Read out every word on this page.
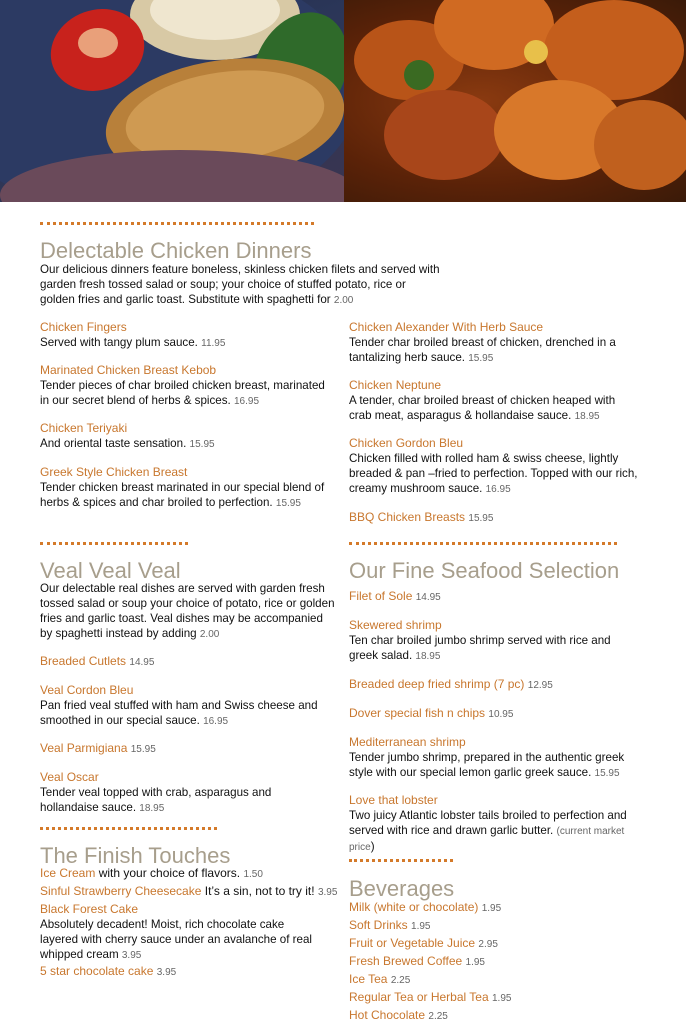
Delectable Chicken Dinners
Our delicious dinners feature boneless, skinless chicken filets and served with garden fresh tossed salad or soup; your choice of stuffed potato, rice or golden fries and garlic toast. Substitute with spaghetti for 2.00
Chicken Fingers
Served with tangy plum sauce. 11.95
Marinated Chicken Breast Kebob
Tender pieces of char broiled chicken breast, marinated in our secret blend of herbs & spices. 16.95
Chicken Teriyaki
And oriental taste sensation. 15.95
Greek Style Chicken Breast
Tender chicken breast marinated in our special blend of herbs & spices and char broiled to perfection. 15.95
Chicken Alexander With Herb Sauce
Tender char broiled breast of chicken, drenched in a tantalizing herb sauce. 15.95
Chicken Neptune
A tender, char broiled breast of chicken heaped with crab meat, asparagus & hollandaise sauce. 18.95
Chicken Gordon Bleu
Chicken filled with rolled ham & swiss cheese, lightly breaded & pan –fried to perfection. Topped with our rich, creamy mushroom sauce. 16.95
BBQ Chicken Breasts 15.95
Veal Veal Veal
Our delectable real dishes are served with garden fresh tossed salad or soup your choice of potato, rice or golden fries and garlic toast. Veal dishes may be accompanied by spaghetti instead by adding 2.00
Breaded Cutlets 14.95
Veal Cordon Bleu
Pan fried veal stuffed with ham and Swiss cheese and smoothed in our special sauce. 16.95
Veal Parmigiana 15.95
Veal Oscar
Tender veal topped with crab, asparagus and hollandaise sauce. 18.95
Our Fine Seafood Selection
Filet of Sole 14.95
Skewered shrimp
Ten char broiled jumbo shrimp served with rice and greek salad. 18.95
Breaded deep fried shrimp (7 pc) 12.95
Dover special fish n chips 10.95
Mediterranean shrimp
Tender jumbo shrimp, prepared in the authentic greek style with our special lemon garlic greek sauce. 15.95
Love that lobster
Two juicy Atlantic lobster tails broiled to perfection and served with rice and drawn garlic butter. (current market price)
The Finish Touches
Ice Cream with your choice of flavors. 1.50
Sinful Strawberry Cheesecake It’s a sin, not to try it! 3.95
Black Forest Cake
Absolutely decadent! Moist, rich chocolate cake layered with cherry sauce under an avalanche of real whipped cream 3.95
5 star chocolate cake 3.95
Beverages
Milk (white or chocolate) 1.95
Soft Drinks 1.95
Fruit or Vegetable Juice 2.95
Fresh Brewed Coffee 1.95
Ice Tea 2.25
Regular Tea or Herbal Tea 1.95
Hot Chocolate 2.25
